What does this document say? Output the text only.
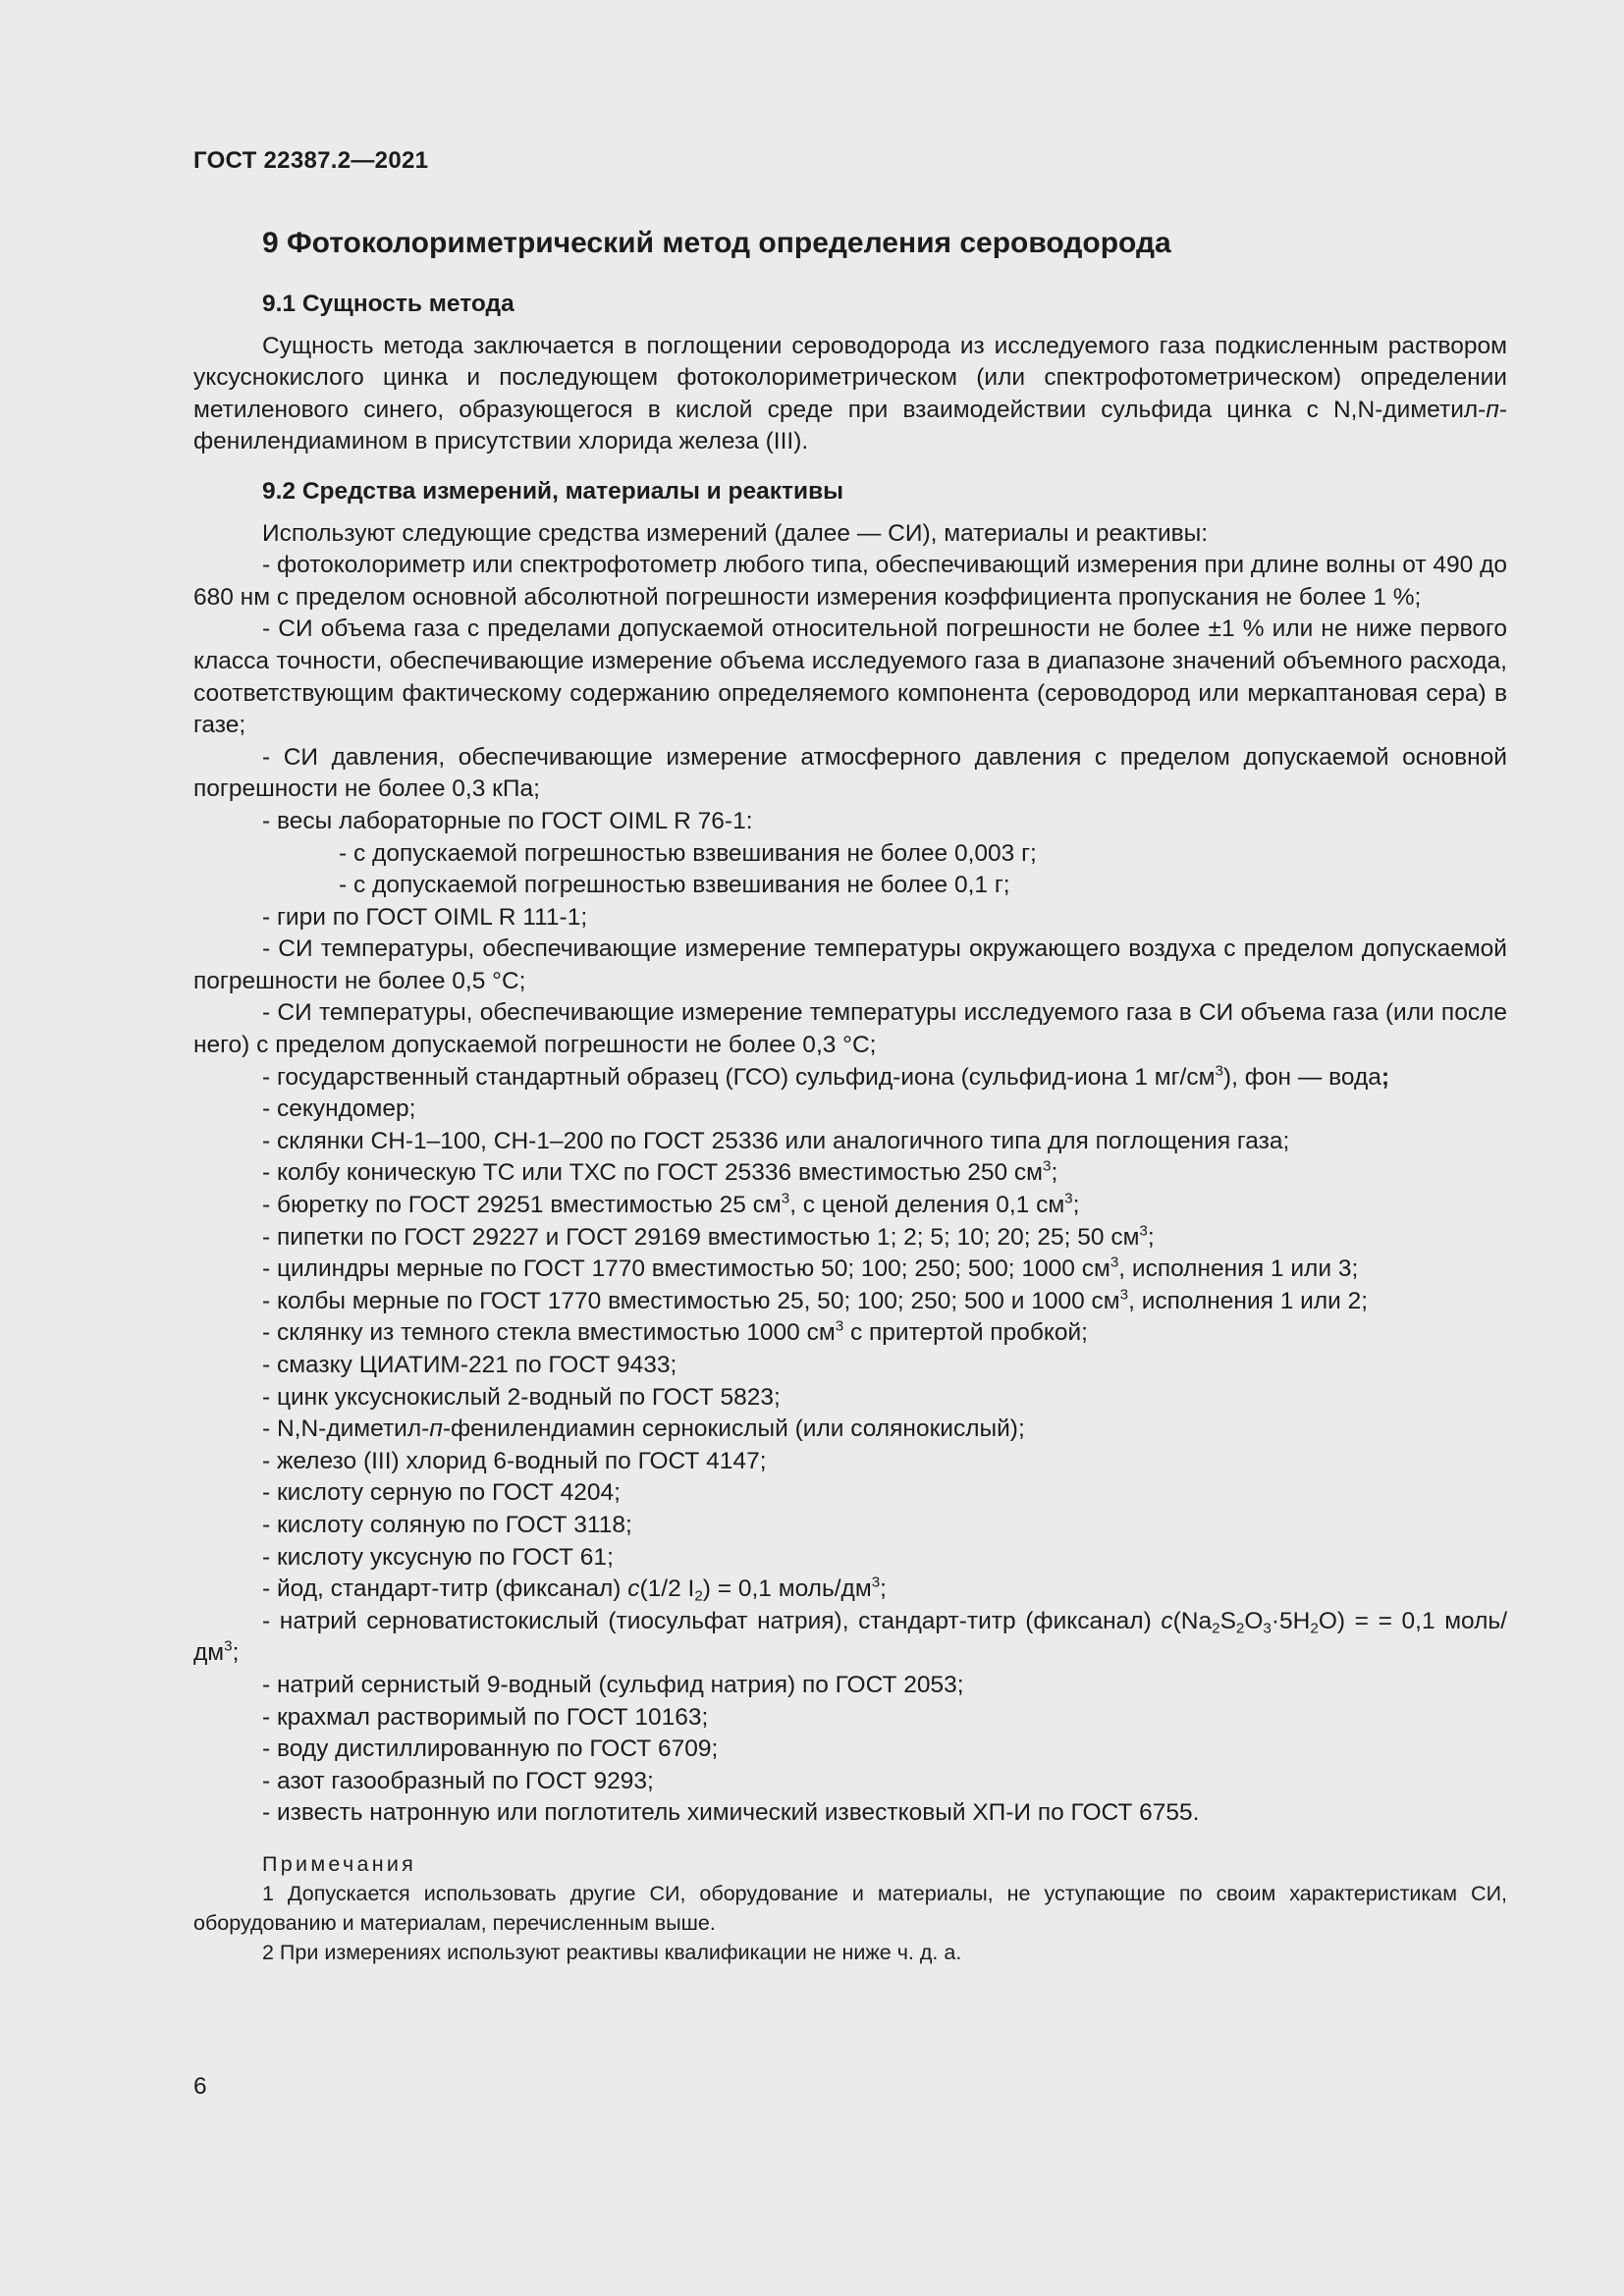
ГОСТ 22387.2—2021
9 Фотоколориметрический метод определения сероводорода
9.1 Сущность метода

Сущность метода заключается в поглощении сероводорода из исследуемого газа подкисленным раствором уксуснокислого цинка и последующем фотоколориметрическом (или спектрофотометрическом) определении метиленового синего, образующегося в кислой среде при взаимодействии сульфида цинка с N,N-диметил-п-фенилендиамином в присутствии хлорида железа (III).

9.2 Средства измерений, материалы и реактивы

Используют следующие средства измерений (далее — СИ), материалы и реактивы:

- фотоколориметр или спектрофотометр любого типа, обеспечивающий измерения при длине волны от 490 до 680 нм с пределом основной абсолютной погрешности измерения коэффициента пропускания не более 1 %;

- СИ объема газа с пределами допускаемой относительной погрешности не более ±1 % или не ниже первого класса точности, обеспечивающие измерение объема исследуемого газа в диапазоне значений объемного расхода, соответствующим фактическому содержанию определяемого компонента (сероводород или меркаптановая сера) в газе;

- СИ давления, обеспечивающие измерение атмосферного давления с пределом допускаемой основной погрешности не более 0,3 кПа;

- весы лабораторные по ГОСТ OIML R 76-1:

- с допускаемой погрешностью взвешивания не более 0,003 г;

- с допускаемой погрешностью взвешивания не более 0,1 г;

- гири по ГОСТ OIML R 111-1;

- СИ температуры, обеспечивающие измерение температуры окружающего воздуха с пределом допускаемой погрешности не более 0,5 °С;

- СИ температуры, обеспечивающие измерение температуры исследуемого газа в СИ объема газа (или после него) с пределом допускаемой погрешности не более 0,3 °С;

- государственный стандартный образец (ГСО) сульфид-иона (сульфид-иона 1 $мг/см^3$), фон — вода;

- секундомер;

- склянки СН-1–100, СН-1–200 по ГОСТ 25336 или аналогичного типа для поглощения газа;

- колбу коническую ТС или ТХС по ГОСТ 25336 вместимостью 250 $см^3$;

- бюретку по ГОСТ 29251 вместимостью 25 $см^3$, с ценой деления 0,1 $см^3$;

- пипетки по ГОСТ 29227 и ГОСТ 29169 вместимостью 1; 2; 5; 10; 20; 25; 50 $см^3$;

- цилиндры мерные по ГОСТ 1770 вместимостью 50; 100; 250; 500; 1000 $см^3$, исполнения 1 или 3;

- колбы мерные по ГОСТ 1770 вместимостью 25, 50; 100; 250; 500 и 1000 $см^3$, исполнения 1 или 2;

- склянку из темного стекла вместимостью 1000 $см^3$ с притертой пробкой;

- смазку ЦИАТИМ-221 по ГОСТ 9433;

- цинк уксуснокислый 2-водный по ГОСТ 5823;

- N,N-диметил-п-фенилендиамин сернокислый (или солянокислый);

- железо (III) хлорид 6-водный по ГОСТ 4147;

- кислоту серную по ГОСТ 4204;

- кислоту соляную по ГОСТ 3118;

- кислоту уксусную по ГОСТ 61;

- йод, стандарт-титр (фиксанал) c(1/2 $I_2) = 0,1$ моль/$дм^3$;

- натрий серноватистокислый (тиосульфат натрия), стандарт-титр (фиксанал) $c(Na_2S_2O_3\cdot 5H_2O)$ = = 0,1 моль/$дм^3$;

- натрий сернистый 9-водный (сульфид натрия) по ГОСТ 2053;

- крахмал растворимый по ГОСТ 10163;

- воду дистиллированную по ГОСТ 6709;

- азот газообразный по ГОСТ 9293;

- известь натронную или поглотитель химический известковый ХП-И по ГОСТ 6755.

Примечания

1 Допускается использовать другие СИ, оборудование и материалы, не уступающие по своим характеристикам СИ, оборудованию и материалам, перечисленным выше.

2 При измерениях используют реактивы квалификации не ниже ч. д. а.

6
